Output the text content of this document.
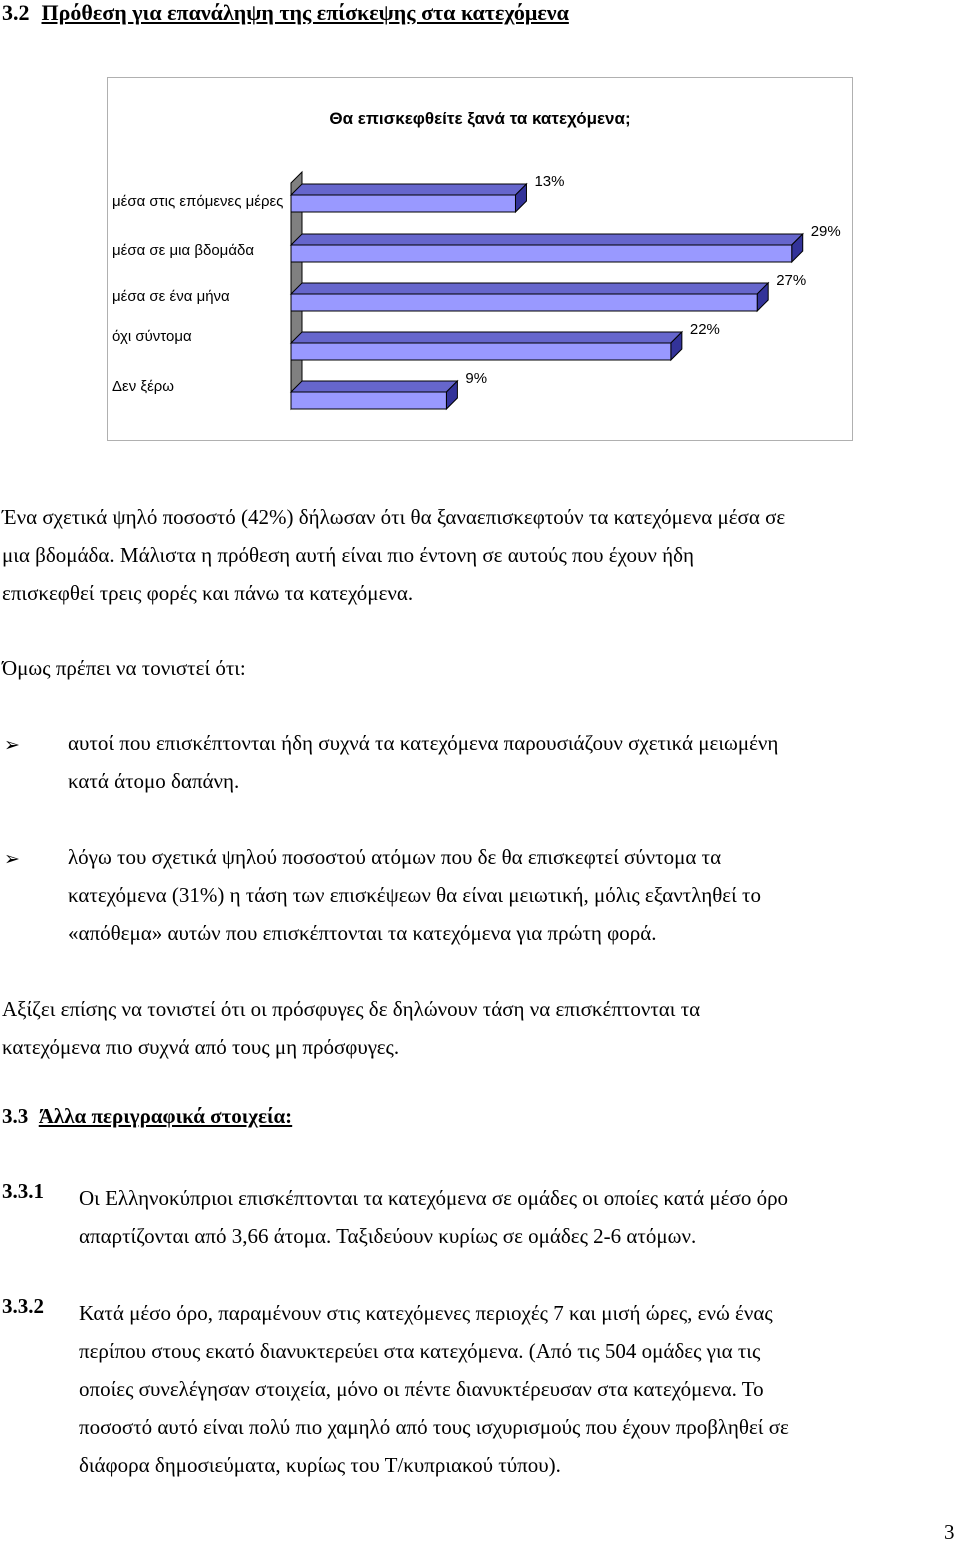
3.2 Πρόθεση για επανάληψη της επίσκεψης στα κατεχόμενα
Θα επισκεφθείτε ξανά τα κατεχόμενα;
13%
29%
27%
22%
9%
μέσα στις επόμενες μέρες
μέσα σε μια βδομάδα
μέσα σε ένα μήνα
όχι σύντομα
Δεν ξέρω
Ένα σχετικά ψηλό ποσοστό (42%) δήλωσαν ότι θα ξαναεπισκεφτούν τα κατεχόμενα μέσα σε
μια βδομάδα. Μάλιστα η πρόθεση αυτή είναι πιο έντονη σε αυτούς που έχουν ήδη
επισκεφθεί τρεις φορές και πάνω τα κατεχόμενα.
Όμως πρέπει να τονιστεί ότι:
➢ αυτοί που επισκέπτονται ήδη συχνά τα κατεχόμενα παρουσιάζουν σχετικά μειωμένη
κατά άτομο δαπάνη.
➢ λόγω του σχετικά ψηλού ποσοστού ατόμων που δε θα επισκεφτεί σύντομα τα
κατεχόμενα (31%) η τάση των επισκέψεων θα είναι μειωτική, μόλις εξαντληθεί το
«απόθεμα» αυτών που επισκέπτονται τα κατεχόμενα για πρώτη φορά.
Αξίζει επίσης να τονιστεί ότι οι πρόσφυγες δε δηλώνουν τάση να επισκέπτονται τα
κατεχόμενα πιο συχνά από τους μη πρόσφυγες.
3.3 Άλλα περιγραφικά στοιχεία:
3.3.1 Οι Ελληνοκύπριοι επισκέπτονται τα κατεχόμενα σε ομάδες οι οποίες κατά μέσο όρο
απαρτίζονται από 3,66 άτομα. Ταξιδεύουν κυρίως σε ομάδες 2-6 ατόμων.
3.3.2 Κατά μέσο όρο, παραμένουν στις κατεχόμενες περιοχές 7 και μισή ώρες, ενώ ένας
περίπου στους εκατό διανυκτερεύει στα κατεχόμενα. (Από τις 504 ομάδες για τις
οποίες συνελέγησαν στοιχεία, μόνο οι πέντε διανυκτέρευσαν στα κατεχόμενα. Το
ποσοστό αυτό είναι πολύ πιο χαμηλό από τους ισχυρισμούς που έχουν προβληθεί σε
διάφορα δημοσιεύματα, κυρίως του Τ/κυπριακού τύπου).
3
